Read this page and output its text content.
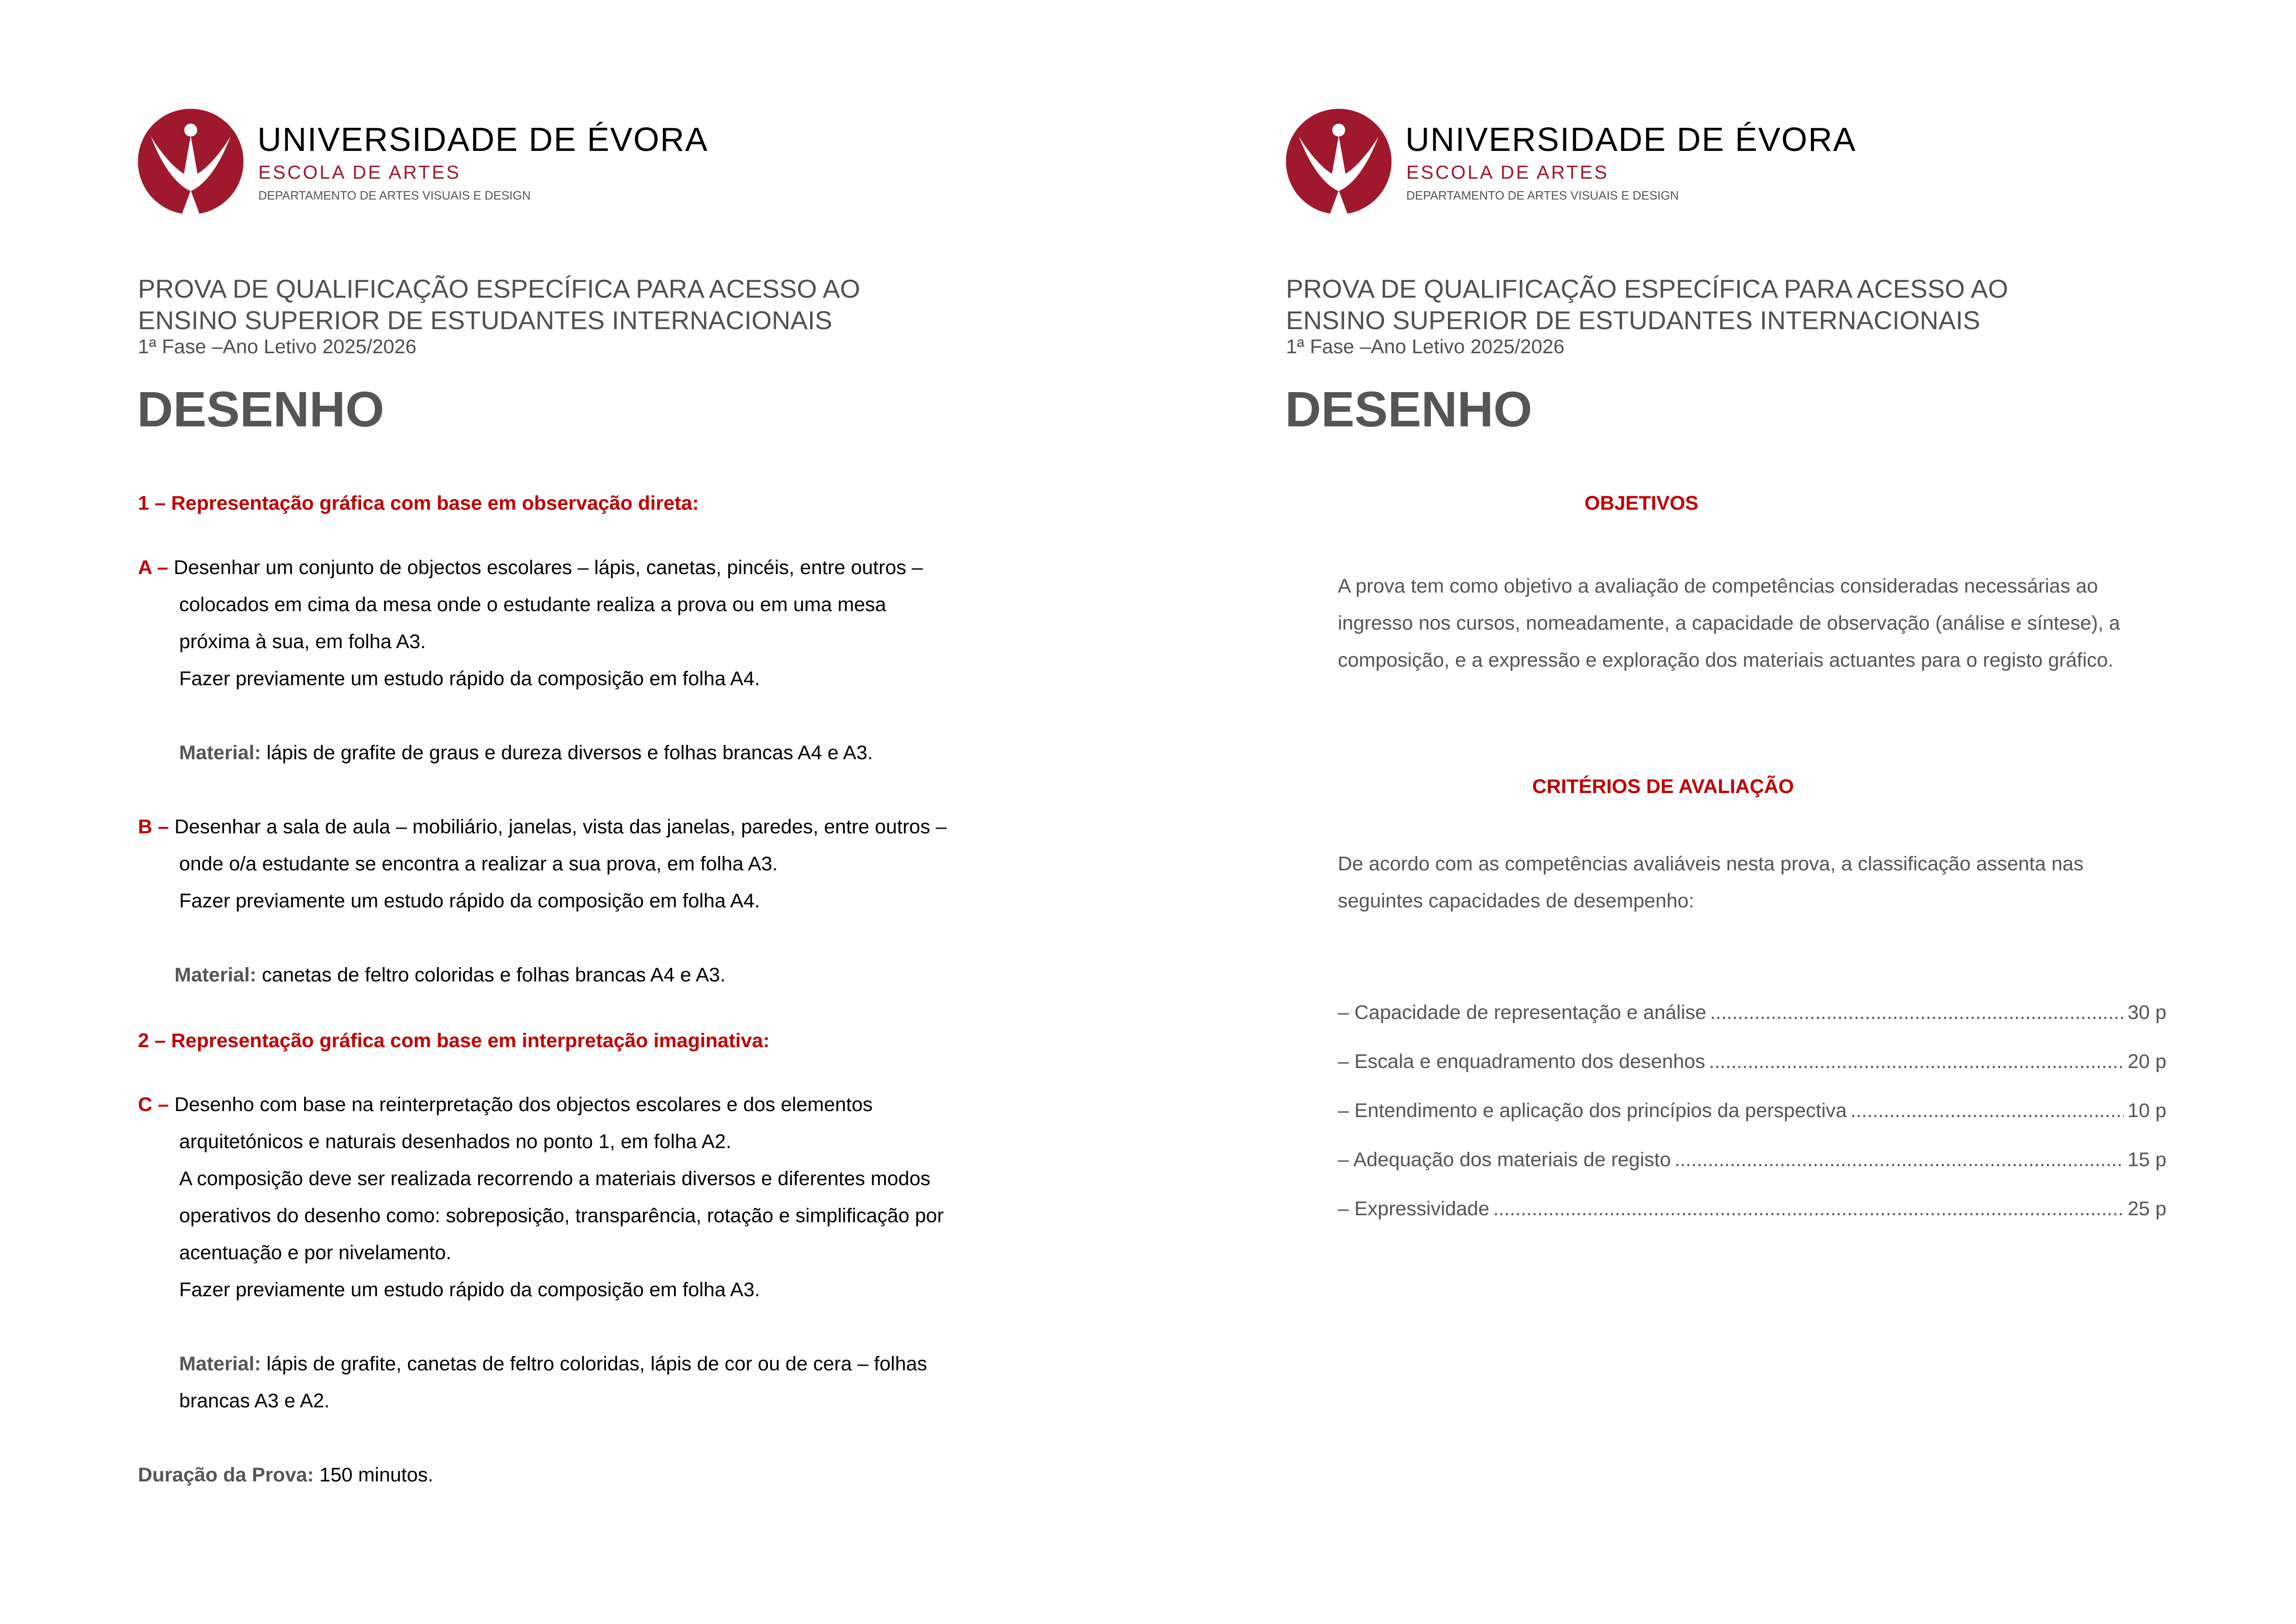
UNIVERSIDADE DE ÉVORA
ESCOLA DE ARTES
DEPARTAMENTO DE ARTES VISUAIS E DESIGN
PROVA DE QUALIFICAÇÃO ESPECÍFICA PARA ACESSO AO
ENSINO SUPERIOR DE ESTUDANTES INTERNACIONAIS
1ª Fase –Ano Letivo 2025/2026
DESENHO
1 – Representação gráfica com base em observação direta:
A – Desenhar um conjunto de objectos escolares – lápis, canetas, pincéis, entre outros –
colocados em cima da mesa onde o estudante realiza a prova ou em uma mesa
próxima à sua, em folha A3.
Fazer previamente um estudo rápido da composição em folha A4.
Material: lápis de grafite de graus e dureza diversos e folhas brancas A4 e A3.
B – Desenhar a sala de aula – mobiliário, janelas, vista das janelas, paredes, entre outros –
onde o/a estudante se encontra a realizar a sua prova, em folha A3.
Fazer previamente um estudo rápido da composição em folha A4.
Material: canetas de feltro coloridas e folhas brancas A4 e A3.
2 – Representação gráfica com base em interpretação imaginativa:
C – Desenho com base na reinterpretação dos objectos escolares e dos elementos
arquitetónicos e naturais desenhados no ponto 1, em folha A2.
A composição deve ser realizada recorrendo a materiais diversos e diferentes modos
operativos do desenho como: sobreposição, transparência, rotação e simplificação por
acentuação e por nivelamento.
Fazer previamente um estudo rápido da composição em folha A3.
Material: lápis de grafite, canetas de feltro coloridas, lápis de cor ou de cera – folhas
brancas A3 e A2.
Duração da Prova: 150 minutos.
UNIVERSIDADE DE ÉVORA
ESCOLA DE ARTES
DEPARTAMENTO DE ARTES VISUAIS E DESIGN
PROVA DE QUALIFICAÇÃO ESPECÍFICA PARA ACESSO AO
ENSINO SUPERIOR DE ESTUDANTES INTERNACIONAIS
1ª Fase –Ano Letivo 2025/2026
DESENHO
OBJETIVOS
A prova tem como objetivo a avaliação de competências consideradas necessárias ao
ingresso nos cursos, nomeadamente, a capacidade de observação (análise e síntese), a
composição, e a expressão e exploração dos materiais actuantes para o registo gráfico.
CRITÉRIOS DE AVALIAÇÃO
De acordo com as competências avaliáveis nesta prova, a classificação assenta nas
seguintes capacidades de desempenho:
– Capacidade de representação e análise .....	30 p
– Escala e enquadramento dos desenhos .....	20 p
– Entendimento e aplicação dos princípios da perspectiva .....	10 p
– Adequação dos materiais de registo .....	15 p
– Expressividade .....	25 p
